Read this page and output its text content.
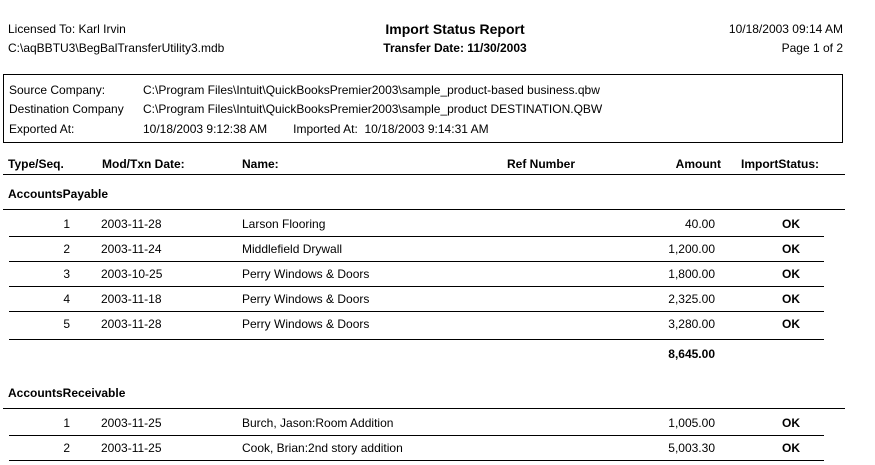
Licensed To: Karl Irvin
C:\aqBBTU3\BegBalTransferUtility3.mdb
Import Status Report
Transfer Date: 11/30/2003
10/18/2003 09:14 AM
Page 1 of 2
Source Company:	C:\Program Files\Intuit\QuickBooksPremier2003\sample_product-based business.qbw
Destination Company C:\Program Files\Intuit\QuickBooksPremier2003\sample_product DESTINATION.QBW
Exported At:	10/18/2003 9:12:38 AM Imported At: 10/18/2003 9:14:31 AM
Type/Seq.	Mod/Txn Date:	Name:	Ref Number	Amount ImportStatus:
AccountsPayable
1	2003-11-28	Larson Flooring	40.00	OK
2	2003-11-24	Middlefield Drywall	1,200.00	OK
3	2003-10-25	Perry Windows & Doors	1,800.00	OK
4	2003-11-18	Perry Windows & Doors	2,325.00	OK
5	2003-11-28	Perry Windows & Doors	3,280.00	OK
8,645.00
AccountsReceivable
1	2003-11-25	Burch, Jason:Room Addition	1,005.00	OK
2	2003-11-25	Cook, Brian:2nd story addition	5,003.30	OK
